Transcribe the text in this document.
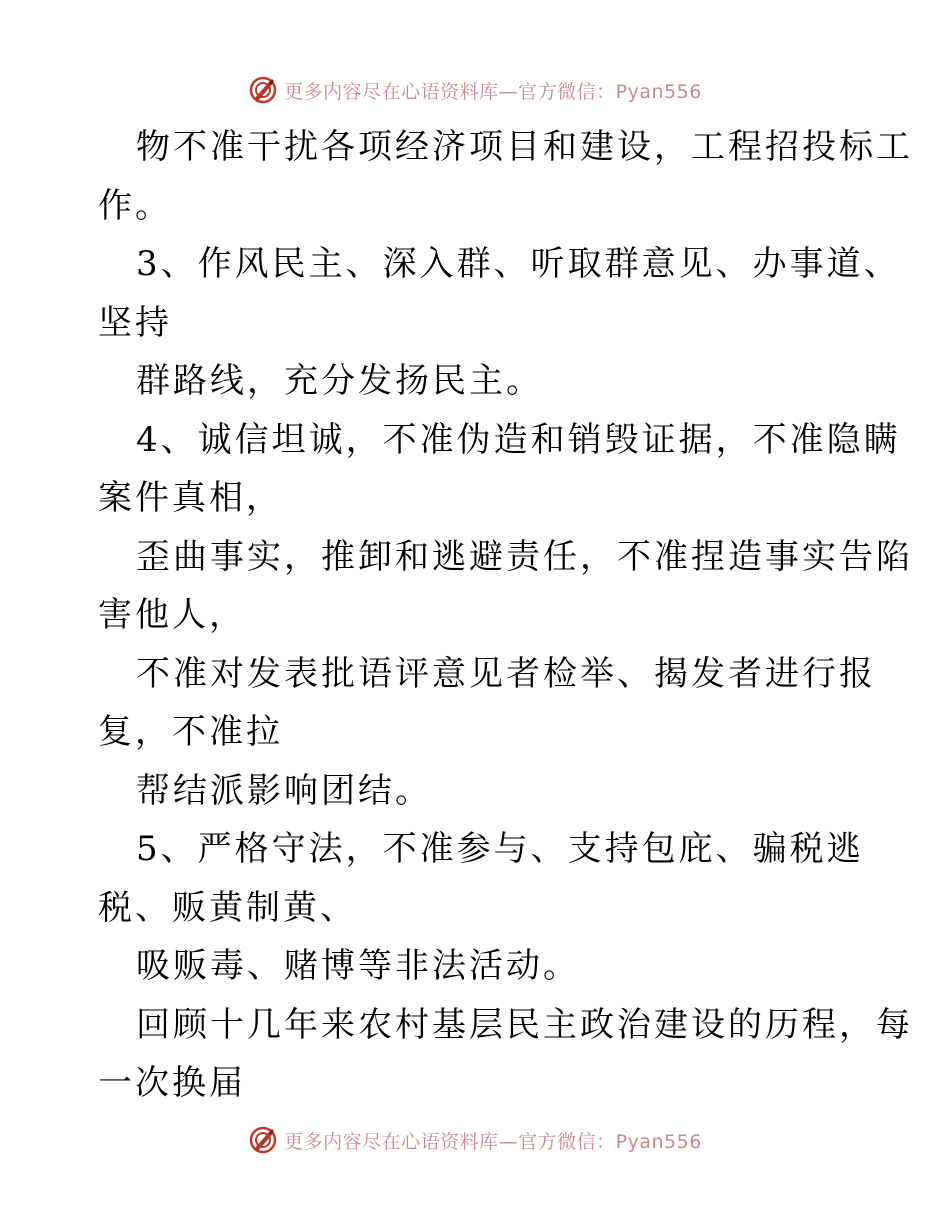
更多内容尽在心语资料库—官方微信：Pyan556
物不准干扰各项经济项目和建设，工程招投标工
作。
3、作风民主、深入群、听取群意见、办事道、
坚持
群路线，充分发扬民主。
4、诚信坦诚，不准伪造和销毁证据，不准隐瞒
案件真相，
歪曲事实，推卸和逃避责任，不准捏造事实告陷
害他人，
不准对发表批语评意见者检举、揭发者进行报
复，不准拉
帮结派影响团结。
5、严格守法，不准参与、支持包庇、骗税逃
税、贩黄制黄、
吸贩毒、赌博等非法活动。
回顾十几年来农村基层民主政治建设的历程，每
一次换届
更多内容尽在心语资料库—官方微信：Pyan556
